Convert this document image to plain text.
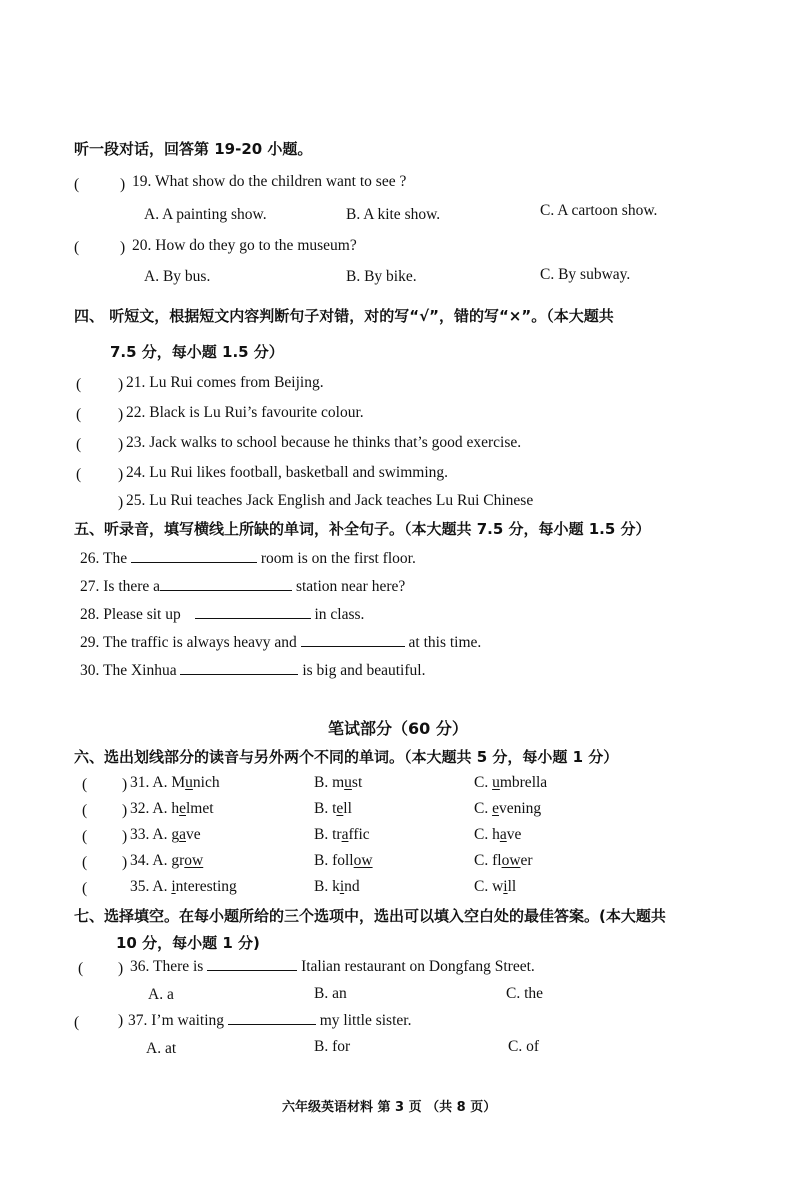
听一段对话，回答第 19-20 小题。
(	) 19. What show do the children want to see ?
A. A painting show.	B. A kite show.	C. A cartoon show.
(	) 20. How do they go to the museum?
A. By bus.	B. By bike.	C. By subway.
四、 听短文，根据短文内容判断句子对错，对的写“√”，错的写“×”。（本大题共
7.5 分，每小题 1.5 分）
( ) 21. Lu Rui comes from Beijing.
( ) 22. Black is Lu Rui’s favourite colour.
( ) 23. Jack walks to school because he thinks that’s good exercise.
( ) 24. Lu Rui likes football, basketball and swimming.
) 25. Lu Rui teaches Jack English and Jack teaches Lu Rui Chinese
五、听录音，填写横线上所缺的单词，补全句子。（本大题共 7.5 分，每小题 1.5 分）
26. The	room is on the first floor.
27. Is there a	station near here?
28. Please sit up	in class.
29. The traffic is always heavy and	at this time.
30. The Xinhua	is big and beautiful.
笔试部分（60 分）
六、选出划线部分的读音与另外两个不同的单词。（本大题共 5 分，每小题 1 分）
( ) 31. A. Munich	B. must	C. umbrella
( ) 32. A. helmet	B. tell	C. evening
( ) 33. A. gave	B. traffic	C. have
( ) 34. A. grow	B. follow	C. flower
(	35. A. interesting	B. kind	C. will
七、选择填空。在每小题所给的三个选项中，选出可以填入空白处的最佳答案。(本大题共
10 分，每小题 1 分)
( ) 36. There is	Italian restaurant on Dongfang Street.
A. a	B. an	C. the
(	) 37. I’m waiting	my little sister.
A. at	B. for	C. of
六年级英语材料 第 3 页 （共 8 页）
